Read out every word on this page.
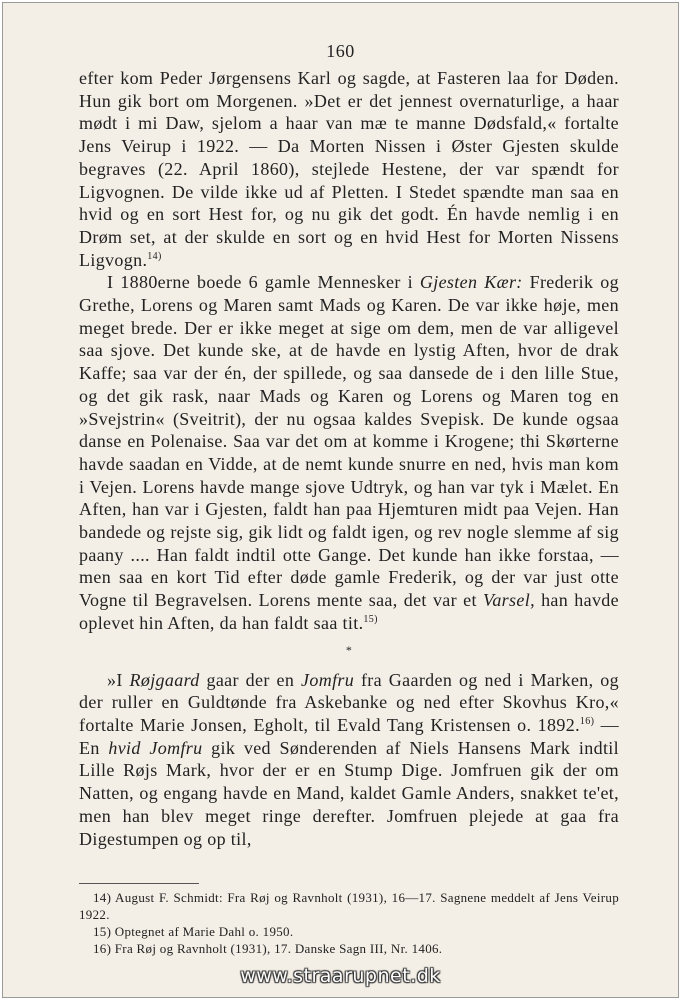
160

efter kom Peder Jørgensens Karl og sagde, at Fasteren laa for Døden. Hun gik bort om Morgenen. »Det er det jennest overnaturlige, a haar mødt i mi Daw, sjelom a haar van mæ te manne Dødsfald,« fortalte Jens Veirup i 1922. — Da Morten Nissen i Øster Gjesten skulde begraves (22. April 1860), stejlede Hestene, der var spændt for Ligvognen. De vilde ikke ud af Pletten. I Stedet spændte man saa en hvid og en sort Hest for, og nu gik det godt. Én havde nemlig i en Drøm set, at der skulde en sort og en hvid Hest for Morten Nissens Ligvogn.$^{14)}$

I 1880erne boede 6 gamle Mennesker i Gjesten Kær: Frederik og Grethe, Lorens og Maren samt Mads og Karen. De var ikke høje, men meget brede. Der er ikke meget at sige om dem, men de var alligevel saa sjove. Det kunde ske, at de havde en lystig Aften, hvor de drak Kaffe; saa var der én, der spillede, og saa dansede de i den lille Stue, og det gik rask, naar Mads og Karen og Lorens og Maren tog en »Svejstrin« (Sveitrit), der nu ogsaa kaldes Svepisk. De kunde ogsaa danse en Polenaise. Saa var det om at komme i Krogene; thi Skørterne havde saadan en Vidde, at de nemt kunde snurre en ned, hvis man kom i Vejen. Lorens havde mange sjove Udtryk, og han var tyk i Mælet. En Aften, han var i Gjesten, faldt han paa Hjemturen midt paa Vejen. Han bandede og rejste sig, gik lidt og faldt igen, og rev nogle slemme af sig paany .... Han faldt indtil otte Gange. Det kunde han ikke forstaa, — men saa en kort Tid efter døde gamle Frederik, og der var just otte Vogne til Begravelsen. Lorens mente saa, det var et Varsel, han havde oplevet hin Aften, da han faldt saa tit.$^{15)}$

*

»I Røjgaard gaar der en Jomfru fra Gaarden og ned i Marken, og der ruller en Guldtønde fra Askebanke og ned efter Skovhus Kro,« fortalte Marie Jonsen, Egholt, til Evald Tang Kristensen o. 1892.$^{16)}$ — En hvid Jomfru gik ved Sønderenden af Niels Hansens Mark indtil Lille Røjs Mark, hvor der er en Stump Dige. Jomfruen gik der om Natten, og engang havde en Mand, kaldet Gamle Anders, snakket te'et, men han blev meget ringe derefter. Jomfruen plejede at gaa fra Digestumpen og op til,

14) August F. Schmidt: Fra Røj og Ravnholt (1931), 16—17. Sagnene meddelt af Jens Veirup 1922.

15) Optegnet af Marie Dahl o. 1950.

16) Fra Røj og Ravnholt (1931), 17. Danske Sagn III, Nr. 1406.

www.straarupnet.dk
